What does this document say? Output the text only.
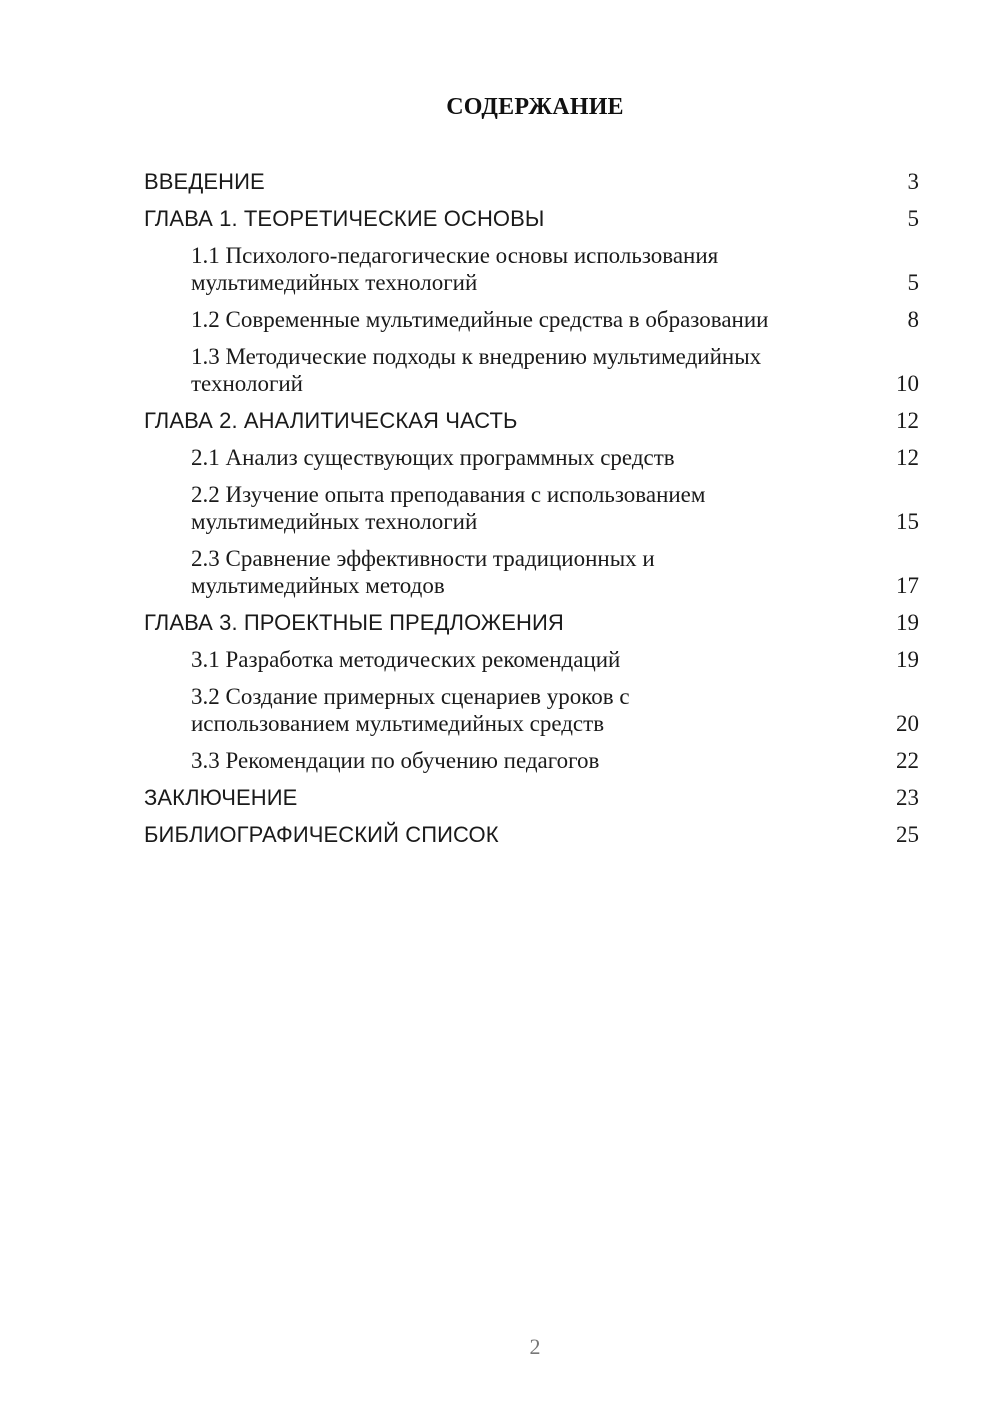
СОДЕРЖАНИЕ
ВВЕДЕНИЕ	3
ГЛАВА 1. ТЕОРЕТИЧЕСКИЕ ОСНОВЫ	5
1.1 Психолого-педагогические основы использования
мультимедийных технологий	5
1.2 Современные мультимедийные средства в образовании	8
1.3 Методические подходы к внедрению мультимедийных
технологий	10
ГЛАВА 2. АНАЛИТИЧЕСКАЯ ЧАСТЬ	12
2.1 Анализ существующих программных средств	12
2.2 Изучение опыта преподавания с использованием
мультимедийных технологий	15
2.3 Сравнение эффективности традиционных и
мультимедийных методов	17
ГЛАВА 3. ПРОЕКТНЫЕ ПРЕДЛОЖЕНИЯ	19
3.1 Разработка методических рекомендаций	19
3.2 Создание примерных сценариев уроков с
использованием мультимедийных средств	20
3.3 Рекомендации по обучению педагогов	22
ЗАКЛЮЧЕНИЕ	23
БИБЛИОГРАФИЧЕСКИЙ СПИСОК	25
2
